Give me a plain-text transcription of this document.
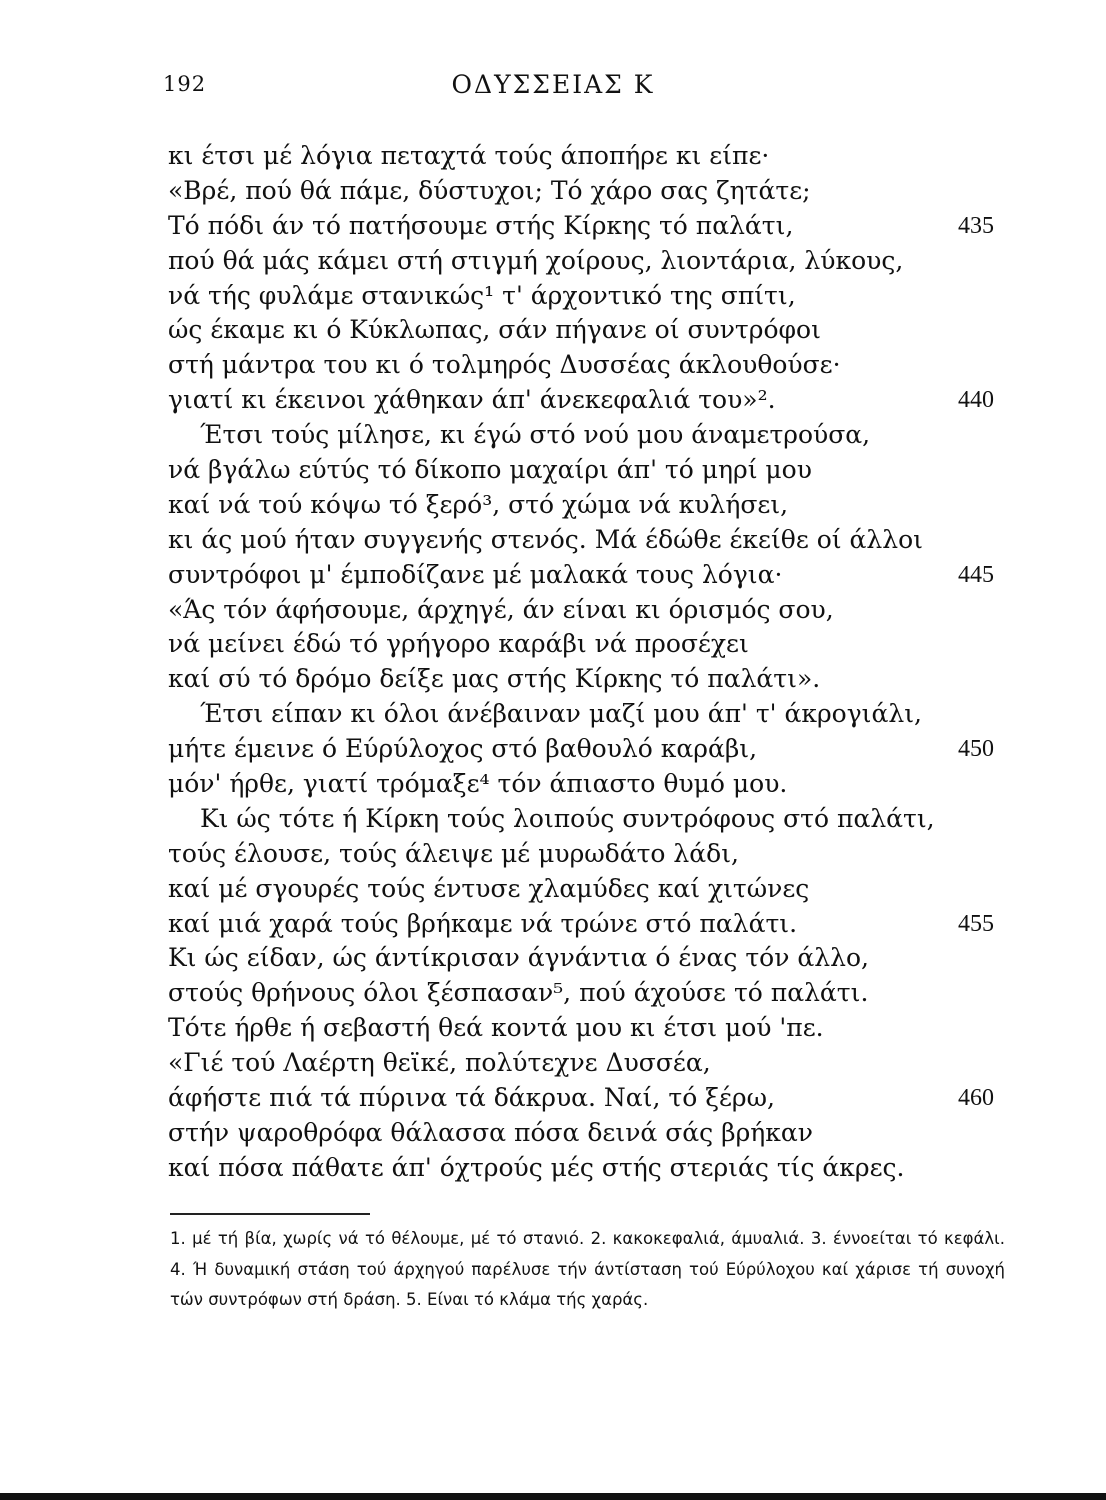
192	ΟΔΥΣΣΕΙΑΣ Κ
κι έτσι μέ λόγια πεταχτά τούς άποπήρε κι είπε·
«Βρέ, πού θά πάμε, δύστυχοι; Τό χάρο σας ζητάτε;
Τό πόδι άν τό πατήσουμε στής Κίρκης τό παλάτι,	435
πού θά μάς κάμει στή στιγμή χοίρους, λιοντάρια, λύκους,
νά τής φυλάμε στανικώς¹ τ' άρχοντικό της σπίτι,
ώς έκαμε κι ό Κύκλωπας, σάν πήγανε οί συντρόφοι
στή μάντρα του κι ό τολμηρός Δυσσέας άκλουθούσε·
γιατί κι έκεινοι χάθηκαν άπ' άνεκεφαλιά του»².	440
Έτσι τούς μίλησε, κι έγώ στό νού μου άναμετρούσα,
νά βγάλω εύτύς τό δίκοπο μαχαίρι άπ' τό μηρί μου
καί νά τού κόψω τό ξερό³, στό χώμα νά κυλήσει,
κι άς μού ήταν συγγενής στενός. Μά έδώθε έκείθε οί άλλοι
συντρόφοι μ' έμποδίζανε μέ μαλακά τους λόγια·	445
«Άς τόν άφήσουμε, άρχηγέ, άν είναι κι όρισμός σου,
νά μείνει έδώ τό γρήγορο καράβι νά προσέχει
καί σύ τό δρόμο δείξε μας στής Κίρκης τό παλάτι».
Έτσι είπαν κι όλοι άνέβαιναν μαζί μου άπ' τ' άκρογιάλι,
μήτε έμεινε ό Εύρύλοχος στό βαθουλό καράβι,	450
μόν' ήρθε, γιατί τρόμαξε⁴ τόν άπιαστο θυμό μου.
Κι ώς τότε ή Κίρκη τούς λοιπούς συντρόφους στό παλάτι,
τούς έλουσε, τούς άλειψε μέ μυρωδάτο λάδι,
καί μέ σγουρές τούς έντυσε χλαμύδες καί χιτώνες
καί μιά χαρά τούς βρήκαμε νά τρώνε στό παλάτι.	455
Κι ώς είδαν, ώς άντίκρισαν άγνάντια ό ένας τόν άλλο,
στούς θρήνους όλοι ξέσπασαν⁵, πού άχούσε τό παλάτι.
Τότε ήρθε ή σεβαστή θεά κοντά μου κι έτσι μού 'πε.
«Γιέ τού Λαέρτη θεϊκέ, πολύτεχνε Δυσσέα,
άφήστε πιά τά πύρινα τά δάκρυα. Ναί, τό ξέρω,	460
στήν ψαροθρόφα θάλασσα πόσα δεινά σάς βρήκαν
καί πόσα πάθατε άπ' όχτρούς μές στής στεριάς τίς άκρες.
1. μέ τή βία, χωρίς νά τό θέλουμε, μέ τό στανιό. 2. κακοκεφαλιά, άμυαλιά. 3. έννοείται τό κεφάλι. 4. Ή δυναμική στάση τού άρχηγού παρέλυσε τήν άντίσταση τού Εύρύλοχου καί χάρισε τή συνοχή τών συντρόφων στή δράση. 5. Είναι τό κλάμα τής χαράς.
